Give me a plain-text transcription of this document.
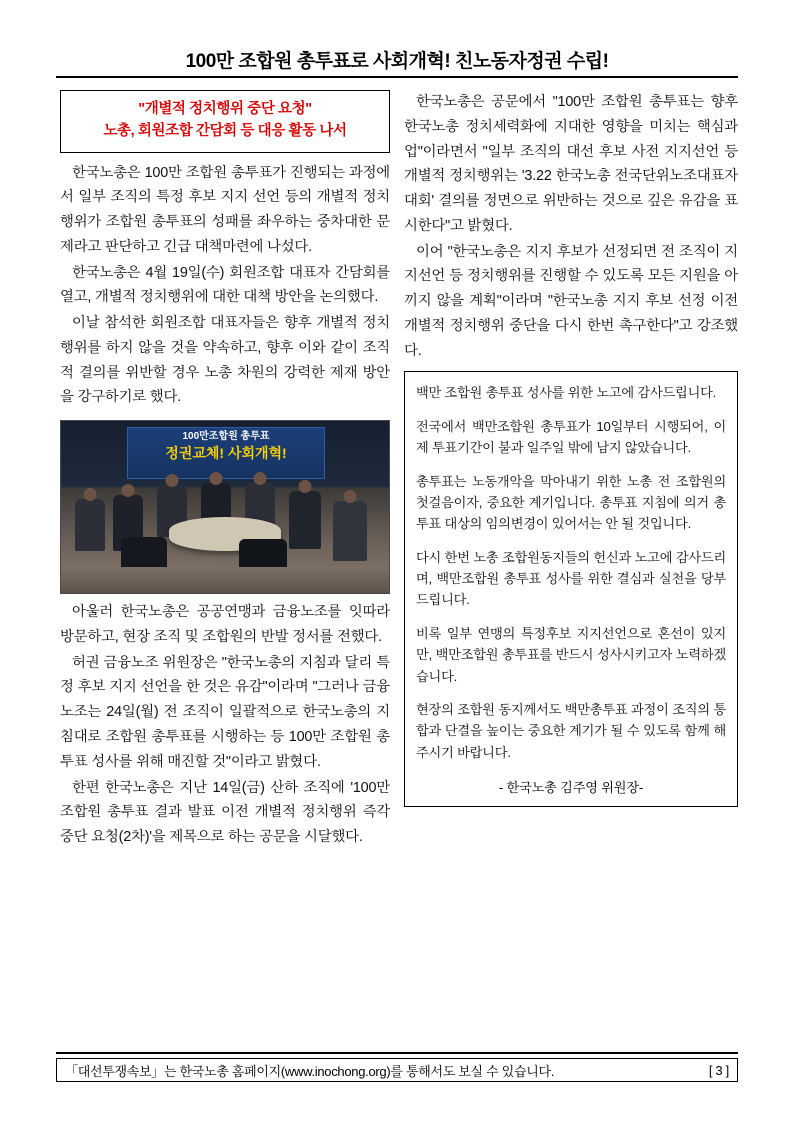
100만 조합원 총투표로 사회개혁! 친노동자정권 수립!
"개별적 정치행위 중단 요청"
노총, 회원조합 간담회 등 대응 활동 나서

한국노총은 100만 조합원 총투표가 진행되는 과정에서 일부 조직의 특정 후보 지지 선언 등의 개별적 정치행위가 조합원 총투표의 성패를 좌우하는 중차대한 문제라고 판단하고 긴급 대책마련에 나섰다.

한국노총은 4월 19일(수) 회원조합 대표자 간담회를 열고, 개별적 정치행위에 대한 대책 방안을 논의했다.

이날 참석한 회원조합 대표자들은 향후 개별적 정치행위를 하지 않을 것을 약속하고, 향후 이와 같이 조직적 결의를 위반할 경우 노총 차원의 강력한 제재 방안을 강구하기로 했다.

100만조합원 총투표
정권교체! 사회개혁!

아울러 한국노총은 공공연맹과 금융노조를 잇따라 방문하고, 현장 조직 및 조합원의 반발 정서를 전했다.

허권 금융노조 위원장은 "한국노총의 지침과 달리 특정 후보 지지 선언을 한 것은 유감"이라며 "그러나 금융노조는 24일(월) 전 조직이 일괄적으로 한국노총의 지침대로 조합원 총투표를 시행하는 등 100만 조합원 총투표 성사를 위해 매진할 것"이라고 밝혔다.

한편 한국노총은 지난 14일(금) 산하 조직에 '100만 조합원 총투표 결과 발표 이전 개별적 정치행위 즉각 중단 요청(2차)'을 제목으로 하는 공문을 시달했다.

한국노총은 공문에서 "100만 조합원 총투표는 향후 한국노총 정치세력화에 지대한 영향을 미치는 핵심과업"이라면서 "일부 조직의 대선 후보 사전 지지선언 등 개별적 정치행위는 '3.22 한국노총 전국단위노조대표자대회' 결의를 정면으로 위반하는 것으로 깊은 유감을 표시한다"고 밝혔다.

이어 "한국노총은 지지 후보가 선정되면 전 조직이 지지선언 등 정치행위를 진행할 수 있도록 모든 지원을 아끼지 않을 계획"이라며 "한국노총 지지 후보 선정 이전 개별적 정치행위 중단을 다시 한번 촉구한다"고 강조했다.

백만 조합원 총투표 성사를 위한 노고에 감사드립니다.

전국에서 백만조합원 총투표가 10일부터 시행되어, 이제 투표기간이 불과 일주일 밖에 남지 않았습니다.

총투표는 노동개악을 막아내기 위한 노총 전 조합원의 첫걸음이자, 중요한 계기입니다. 총투표 지침에 의거 총투표 대상의 임의변경이 있어서는 안 될 것입니다.

다시 한번 노총 조합원동지들의 헌신과 노고에 감사드리며, 백만조합원 총투표 성사를 위한 결심과 실천을 당부 드립니다.

비록 일부 연맹의 특정후보 지지선언으로 혼선이 있지만, 백만조합원 총투표를 반드시 성사시키고자 노력하겠습니다.

현장의 조합원 동지께서도 백만총투표 과정이 조직의 통합과 단결을 높이는 중요한 계기가 될 수 있도록 함께 해주시기 바랍니다.

- 한국노총 김주영 위원장-
「대선투쟁속보」는 한국노총 홈페이지(www.inochong.org)를 통해서도 보실 수 있습니다.	[ 3 ]
